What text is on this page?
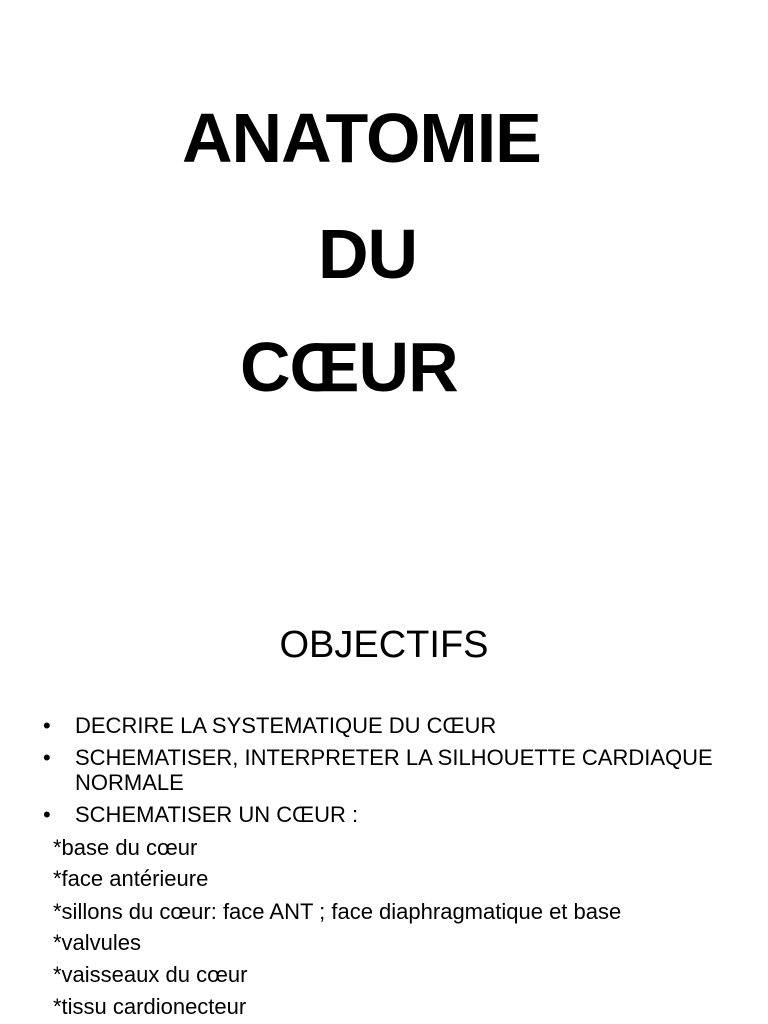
ANATOMIE
DU
CŒUR
OBJECTIFS
• DECRIRE LA SYSTEMATIQUE DU CŒUR
• SCHEMATISER, INTERPRETER LA SILHOUETTE CARDIAQUE
NORMALE
• SCHEMATISER UN CŒUR :
*base du cœur
*face antérieure
*sillons du cœur: face ANT ; face diaphragmatique et base
*valvules
*vaisseaux du cœur
*tissu cardionecteur
